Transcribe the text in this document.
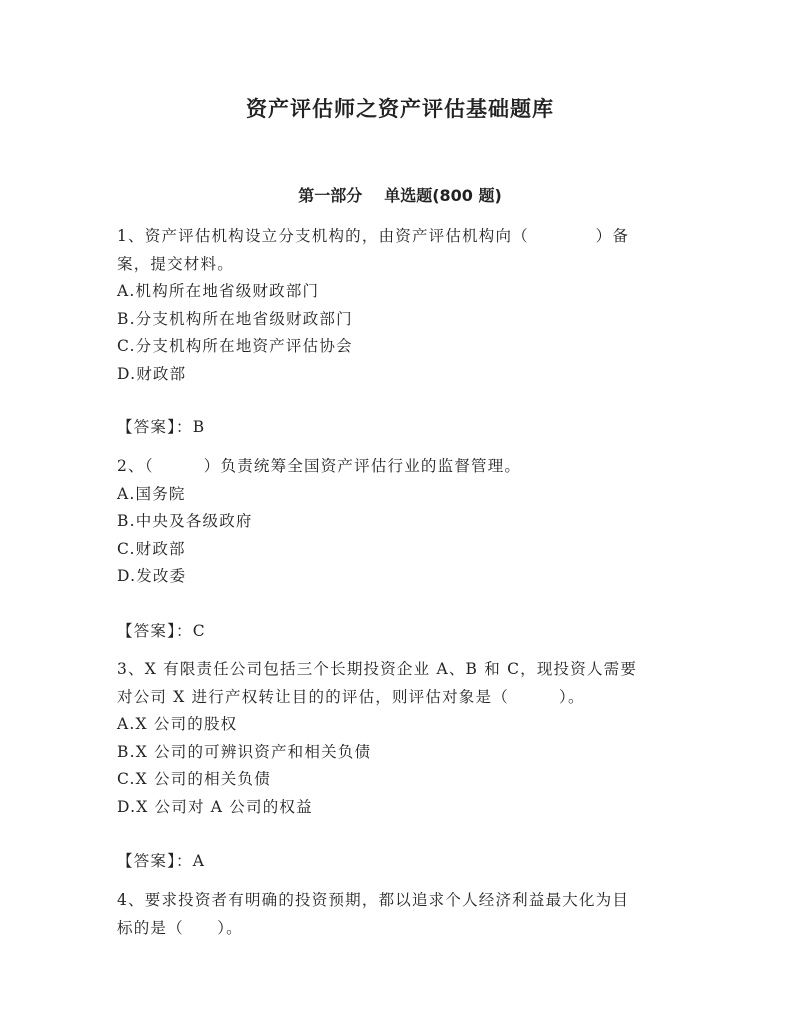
资产评估师之资产评估基础题库
第一部分 单选题(800 题)
1、资产评估机构设立分支机构的，由资产评估机构向（　　　　）备
案，提交材料。
A.机构所在地省级财政部门
B.分支机构所在地省级财政部门
C.分支机构所在地资产评估协会
D.财政部
【答案】：B
2、（　　　）负责统筹全国资产评估行业的监督管理。
A.国务院
B.中央及各级政府
C.财政部
D.发改委
【答案】：C
3、X 有限责任公司包括三个长期投资企业 A、B 和 C，现投资人需要
对公司 X 进行产权转让目的的评估，则评估对象是（　　　）。
A.X 公司的股权
B.X 公司的可辨识资产和相关负债
C.X 公司的相关负债
D.X 公司对 A 公司的权益
【答案】：A
4、要求投资者有明确的投资预期，都以追求个人经济利益最大化为目
标的是（　　）。
